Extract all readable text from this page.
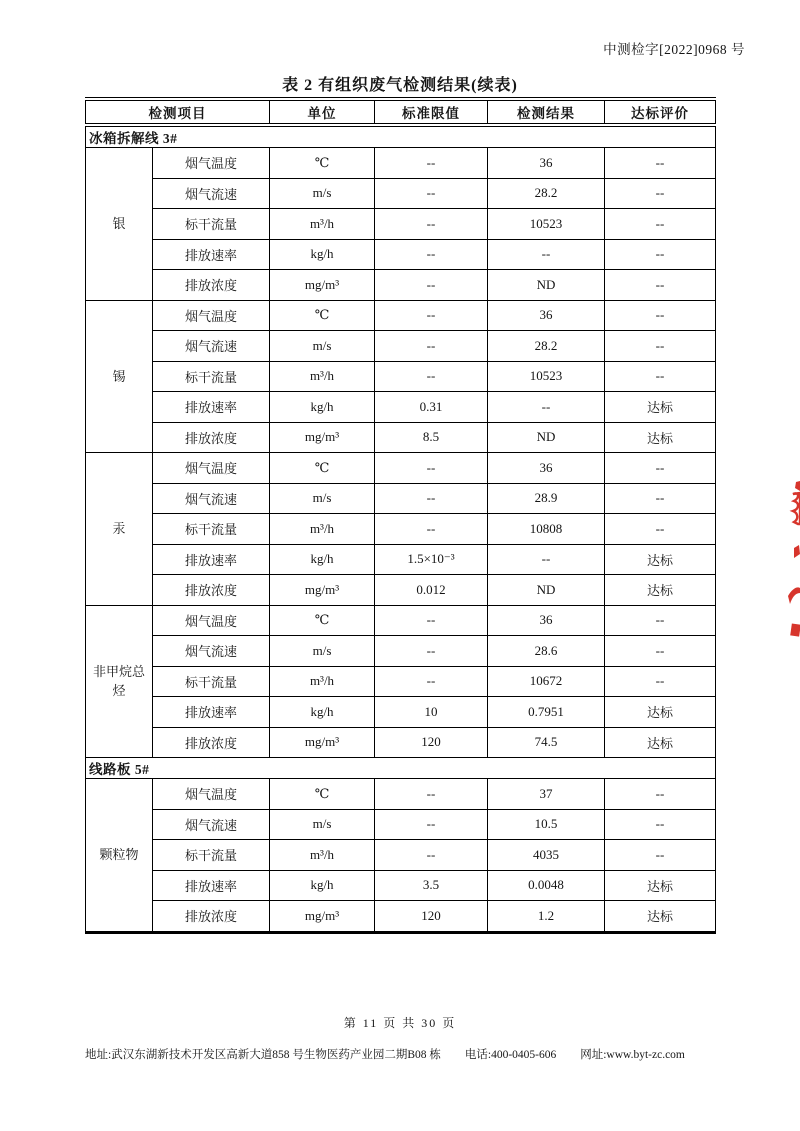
中测检字[2022]0968 号
表 2 有组织废气检测结果(续表)
检测项目		单位	标准限值	检测结果	达标评价
冰箱拆解线 3#					
银	烟气温度	℃	--	36	--
	烟气流速	m/s	--	28.2	--
	标干流量	m³/h	--	10523	--
	排放速率	kg/h	--	--	--
	排放浓度	mg/m³	--	ND	--
锡	烟气温度	℃	--	36	--
	烟气流速	m/s	--	28.2	--
	标干流量	m³/h	--	10523	--
	排放速率	kg/h	0.31	--	达标
	排放浓度	mg/m³	8.5	ND	达标
汞	烟气温度	℃	--	36	--
	烟气流速	m/s	--	28.9	--
	标干流量	m³/h	--	10808	--
	排放速率	kg/h	1.5×10⁻³	--	达标
	排放浓度	mg/m³	0.012	ND	达标
非甲烷总烃	烟气温度	℃	--	36	--
	烟气流速	m/s	--	28.6	--
	标干流量	m³/h	--	10672	--
	排放速率	kg/h	10	0.7951	达标
	排放浓度	mg/m³	120	74.5	达标
线路板 5#					
颗粒物	烟气温度	℃	--	37	--
	烟气流速	m/s	--	10.5	--
	标干流量	m³/h	--	4035	--
	排放速率	kg/h	3.5	0.0048	达标
	排放浓度	mg/m³	120	1.2	达标
第 11 页 共 30 页
地址:武汉东湖新技术开发区高新大道858 号生物医药产业园二期B08 栋 电话:400-0405-606 网址:www.byt-zc.com
